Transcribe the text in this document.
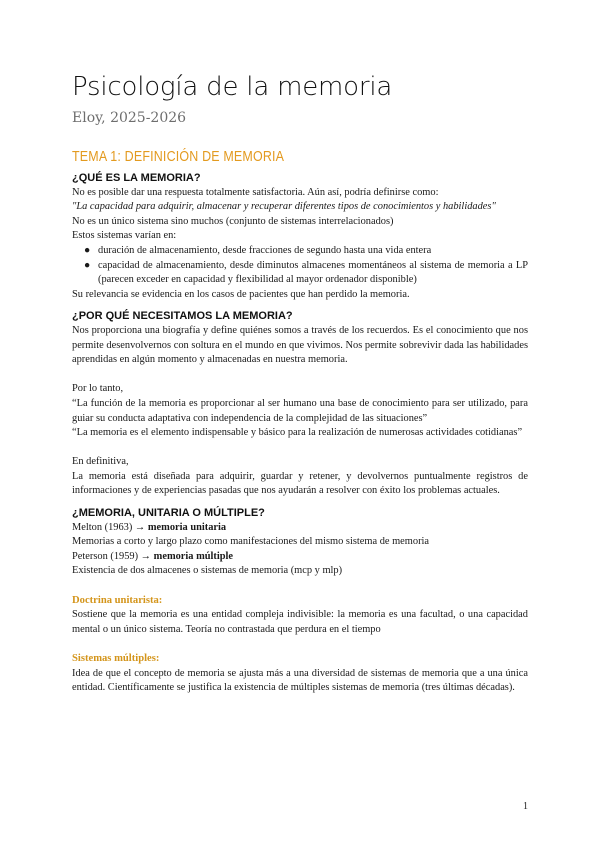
Psicología de la memoria
Eloy, 2025-2026
TEMA 1: DEFINICIÓN DE MEMORIA

¿QUÉ ES LA MEMORIA?

No es posible dar una respuesta totalmente satisfactoria. Aún así, podría definirse como:

"La capacidad para adquirir, almacenar y recuperar diferentes tipos de conocimientos y habilidades"

No es un único sistema sino muchos (conjunto de sistemas interrelacionados)

Estos sistemas varían en:

● duración de almacenamiento, desde fracciones de segundo hasta una vida entera
● capacidad de almacenamiento, desde diminutos almacenes momentáneos al sistema de memoria a LP (parecen exceder en capacidad y flexibilidad al mayor ordenador disponible)

Su relevancia se evidencia en los casos de pacientes que han perdido la memoria.

¿POR QUÉ NECESITAMOS LA MEMORIA?

Nos proporciona una biografía y define quiénes somos a través de los recuerdos. Es el conocimiento que nos permite desenvolvernos con soltura en el mundo en que vivimos. Nos permite sobrevivir dada las habilidades aprendidas en algún momento y almacenadas en nuestra memoria.

Por lo tanto,

“La función de la memoria es proporcionar al ser humano una base de conocimiento para ser utilizado, para guiar su conducta adaptativa con independencia de la complejidad de las situaciones”

“La memoria es el elemento indispensable y básico para la realización de numerosas actividades cotidianas”

En definitiva,

La memoria está diseñada para adquirir, guardar y retener, y devolvernos puntualmente registros de informaciones y de experiencias pasadas que nos ayudarán a resolver con éxito los problemas actuales.

¿MEMORIA, UNITARIA O MÚLTIPLE?

Melton (1963) → memoria unitaria

Memorias a corto y largo plazo como manifestaciones del mismo sistema de memoria

Peterson (1959) → memoria múltiple

Existencia de dos almacenes o sistemas de memoria (mcp y mlp)

Doctrina unitarista:

Sostiene que la memoria es una entidad compleja indivisible: la memoria es una facultad, o una capacidad mental o un único sistema. Teoría no contrastada que perdura en el tiempo

Sistemas múltiples:

Idea de que el concepto de memoria se ajusta más a una diversidad de sistemas de memoria que a una única entidad. Científicamente se justifica la existencia de múltiples sistemas de memoria (tres últimas décadas).

1
